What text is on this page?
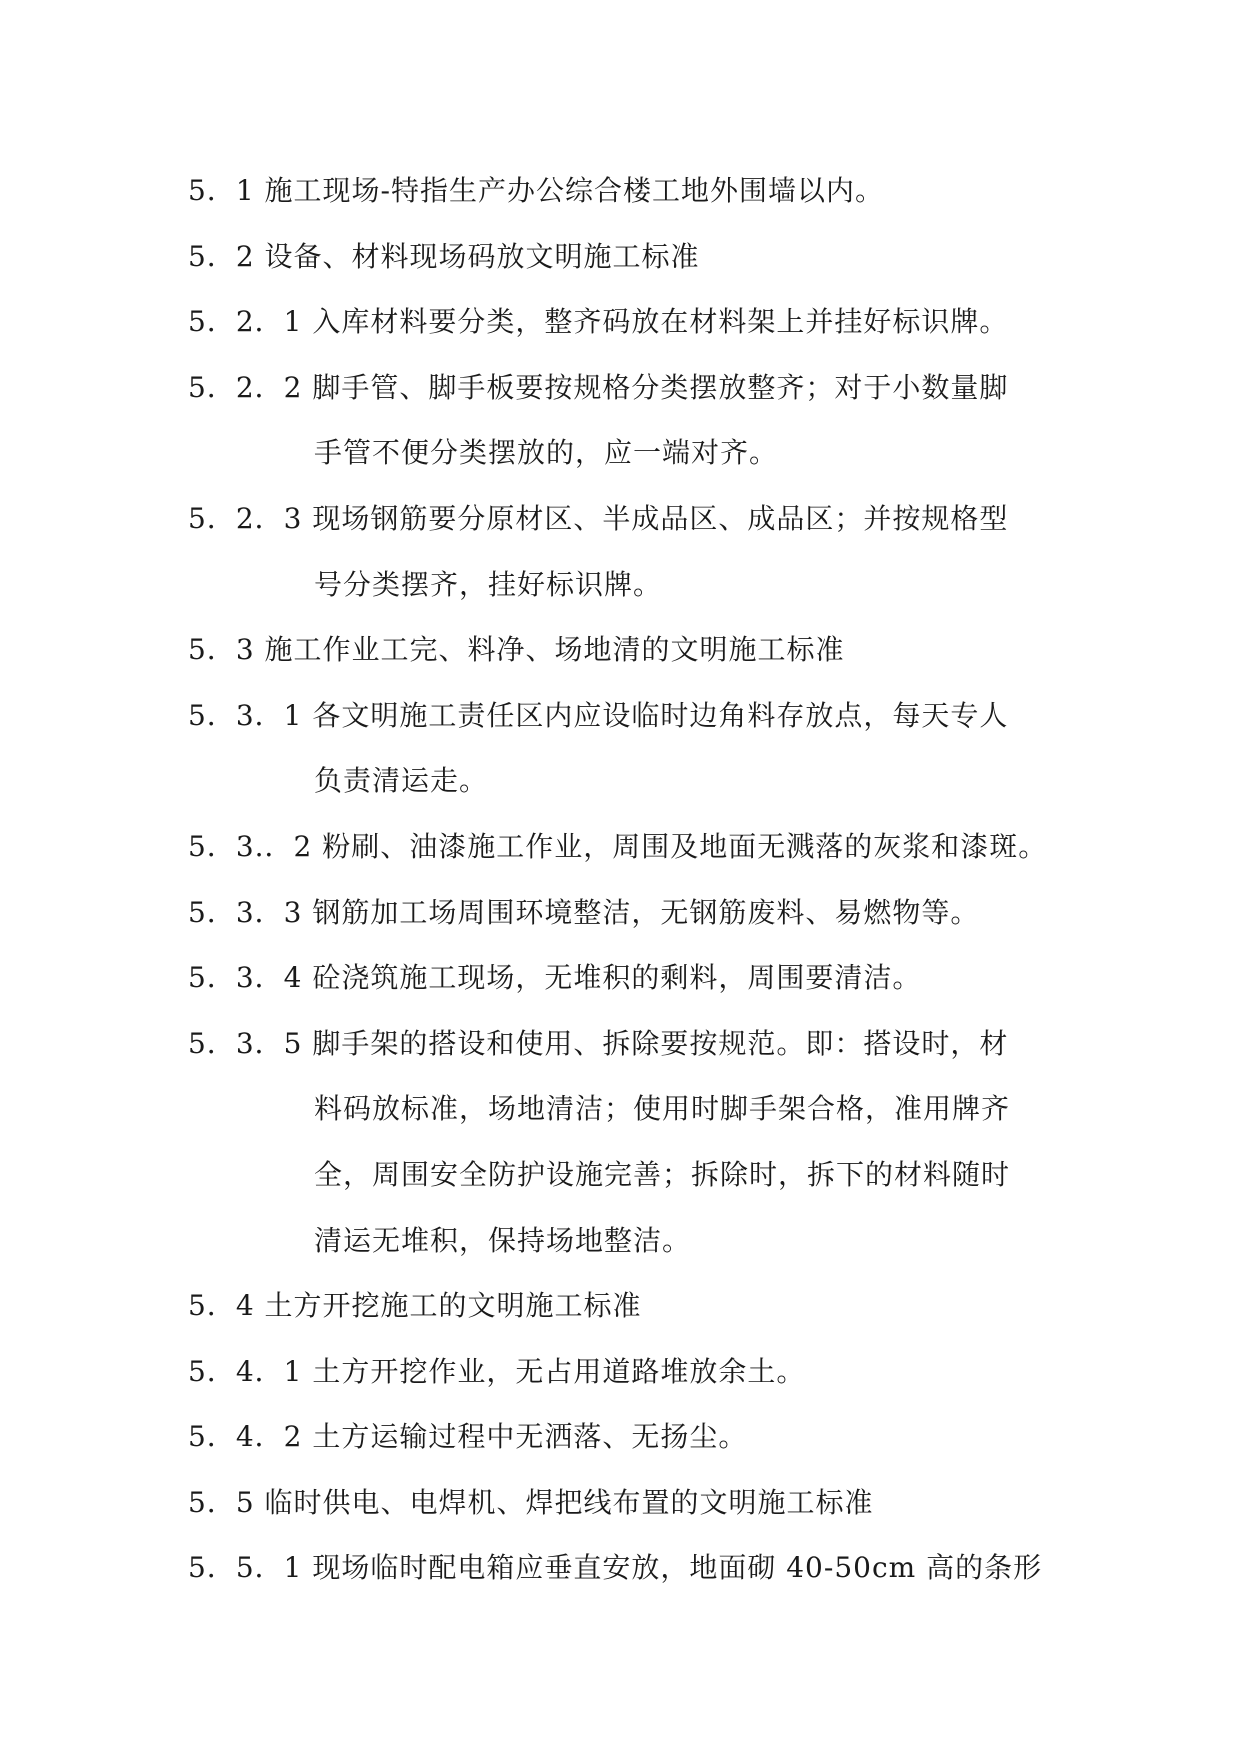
5．1 施工现场-特指生产办公综合楼工地外围墙以内。
5．2 设备、材料现场码放文明施工标准
5．2．1 入库材料要分类，整齐码放在材料架上并挂好标识牌。
5．2．2 脚手管、脚手板要按规格分类摆放整齐；对于小数量脚
手管不便分类摆放的，应一端对齐。
5．2．3 现场钢筋要分原材区、半成品区、成品区；并按规格型
号分类摆齐，挂好标识牌。
5．3 施工作业工完、料净、场地清的文明施工标准
5．3．1 各文明施工责任区内应设临时边角料存放点，每天专人
负责清运走。
5．3.．2 粉刷、油漆施工作业，周围及地面无溅落的灰浆和漆斑。
5．3．3 钢筋加工场周围环境整洁，无钢筋废料、易燃物等。
5．3．4 砼浇筑施工现场，无堆积的剩料，周围要清洁。
5．3．5 脚手架的搭设和使用、拆除要按规范。即：搭设时，材
料码放标准，场地清洁；使用时脚手架合格，准用牌齐
全，周围安全防护设施完善；拆除时，拆下的材料随时
清运无堆积，保持场地整洁。
5．4 土方开挖施工的文明施工标准
5．4．1 土方开挖作业，无占用道路堆放余土。
5．4．2 土方运输过程中无洒落、无扬尘。
5．5 临时供电、电焊机、焊把线布置的文明施工标准
5．5．1 现场临时配电箱应垂直安放，地面砌 40-50cm 高的条形
